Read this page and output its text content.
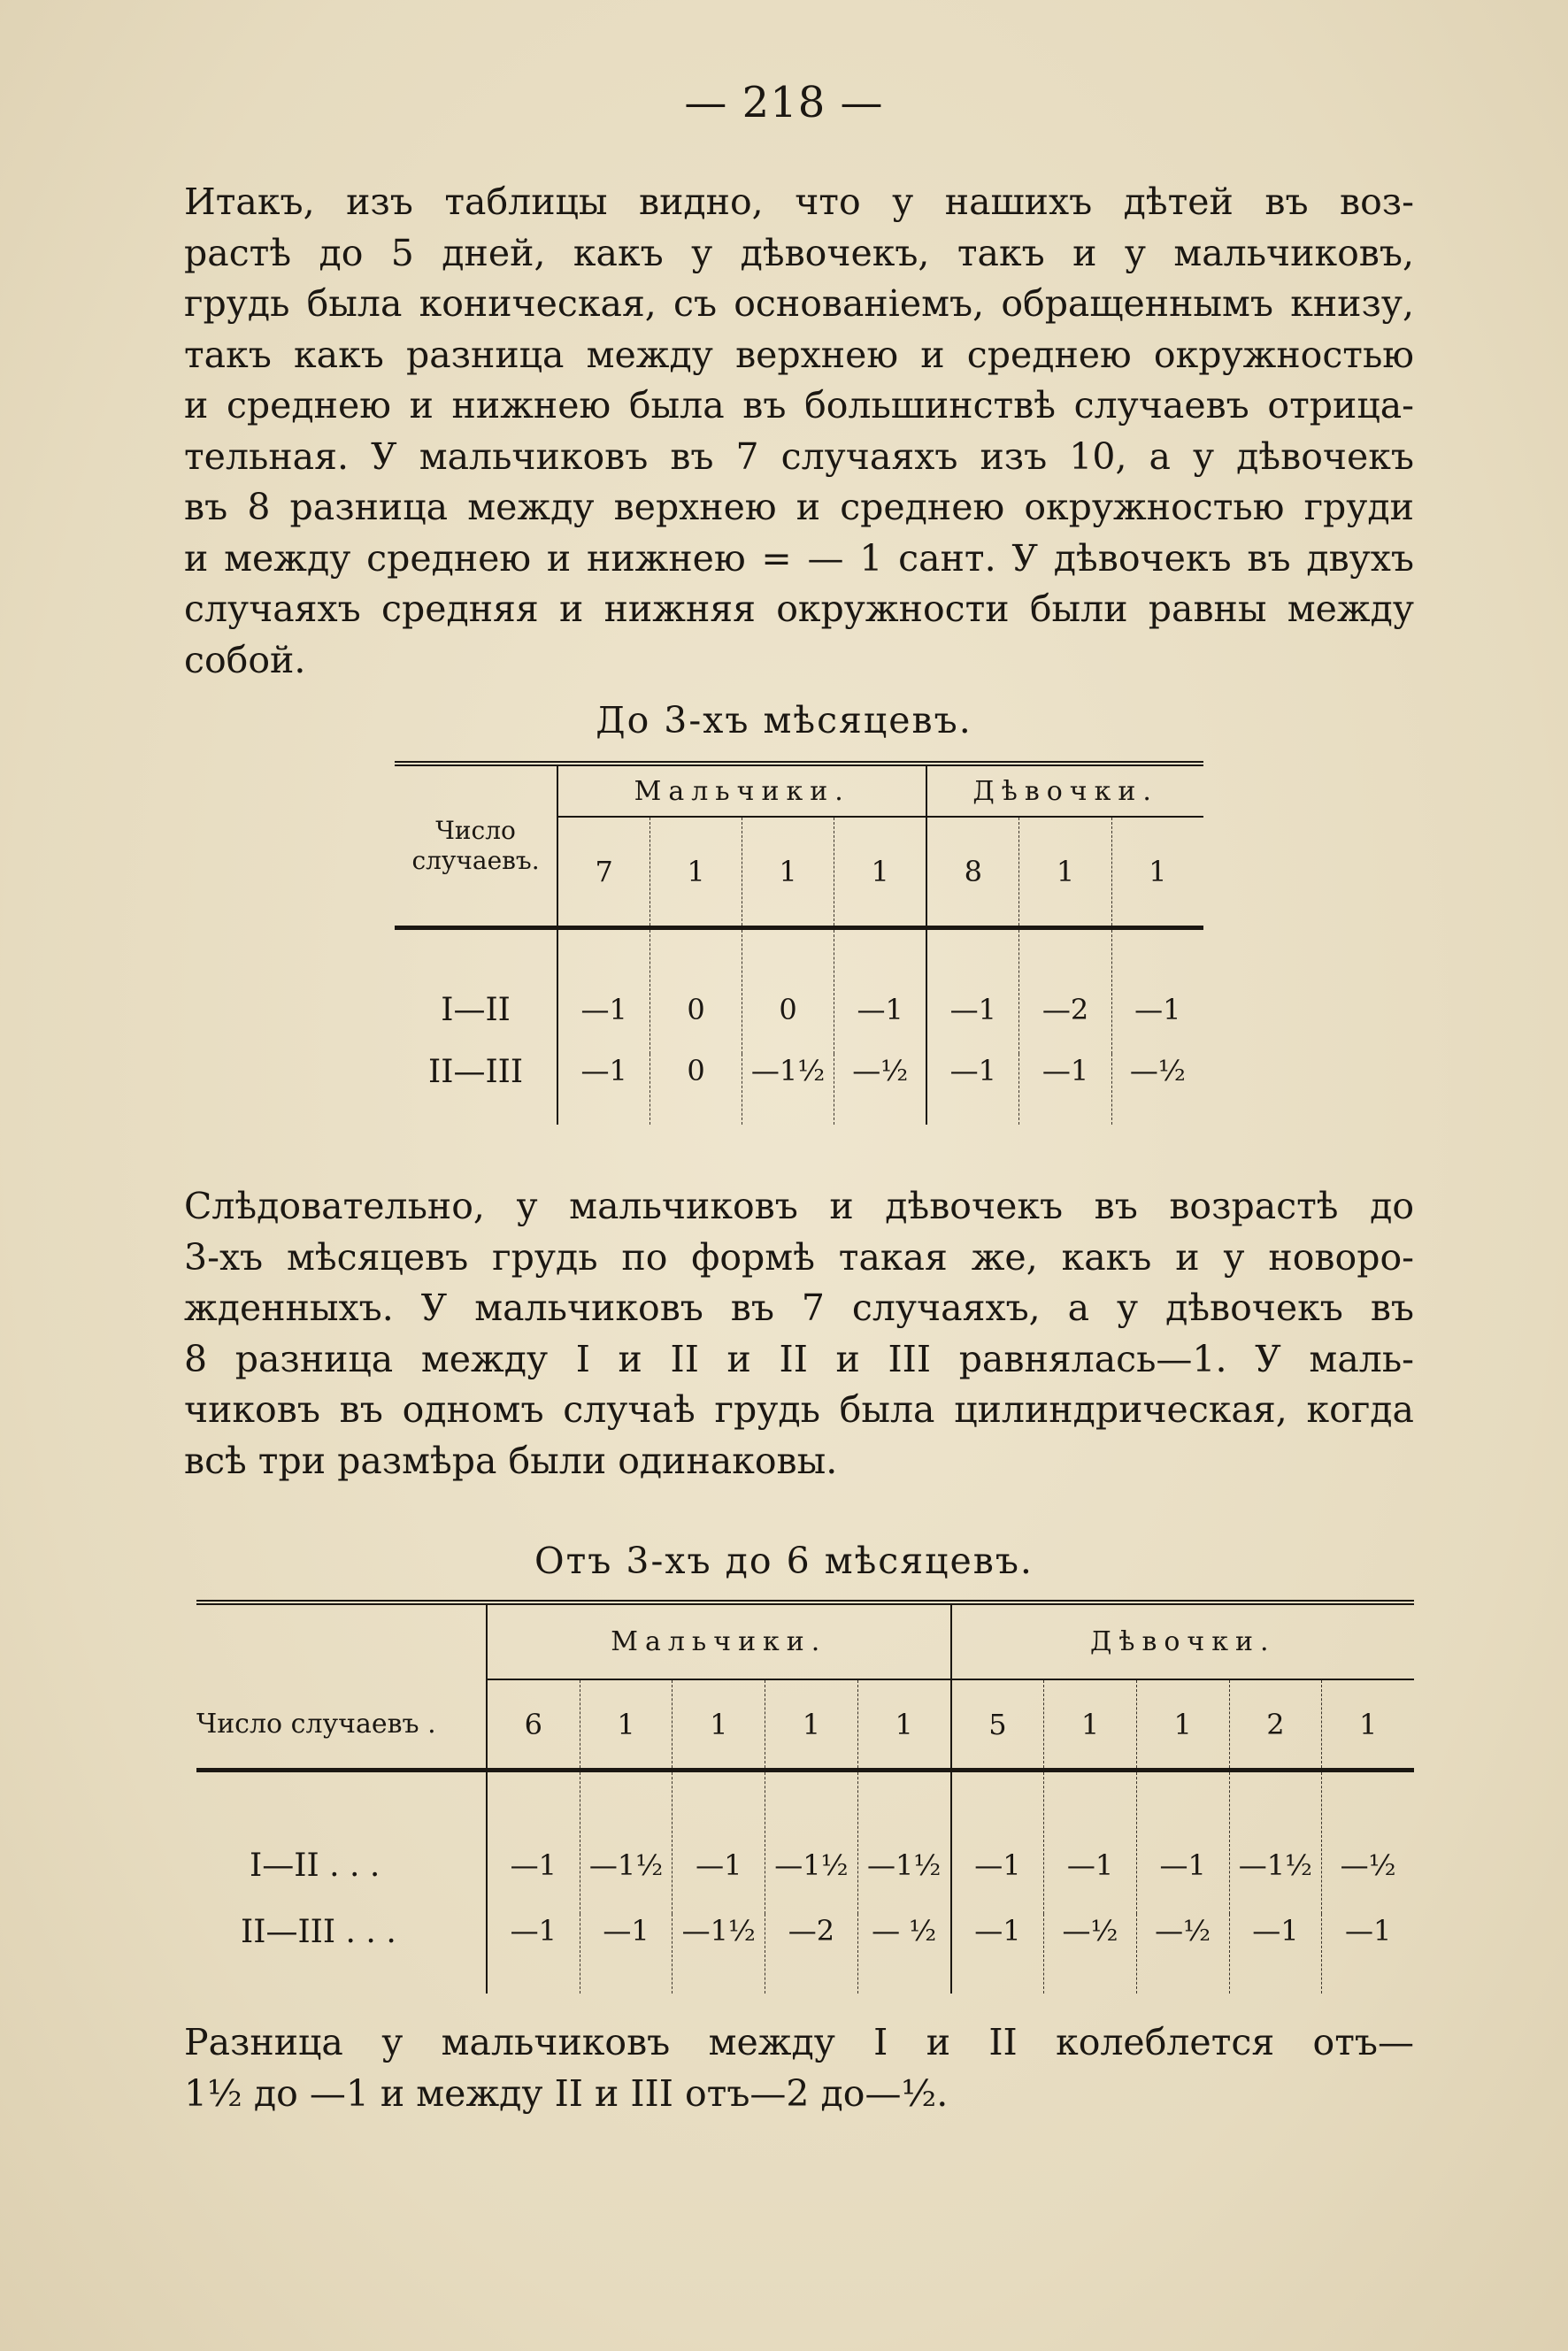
— 218 —
Итакъ, изъ таблицы видно, что у нашихъ дѣтей въ воз-
растѣ до 5 дней, какъ у дѣвочекъ, такъ и у мальчиковъ,
грудь была коническая, съ основаніемъ, обращеннымъ книзу,
такъ какъ разница между верхнею и среднею окружностью
и среднею и нижнею была въ большинствѣ случаевъ отрица-
тельная. У мальчиковъ въ 7 случаяхъ изъ 10, а у дѣвочекъ
въ 8 разница между верхнею и среднею окружностью груди
и между среднею и нижнею = — 1 сант. У дѣвочекъ въ двухъ
случаяхъ средняя и нижняя окружности были равны между
собой.
До 3-хъ мѣсяцевъ.
Число случаевъ.	Мальчики.				Дѣвочки.		
	7	1	1	1	8	1	1
I—II	—1	0	0	—1	—1	—2	—1
II—III	—1	0	—1½	—½	—1	—1	—½
Слѣдовательно, у мальчиковъ и дѣвочекъ въ возрастѣ до
3-хъ мѣсяцевъ грудь по формѣ такая же, какъ и у новоро-
жденныхъ. У мальчиковъ въ 7 случаяхъ, а у дѣвочекъ въ
8 разница между I и II и II и III равнялась—1. У маль-
чиковъ въ одномъ случаѣ грудь была цилиндрическая, когда
всѣ три размѣра были одинаковы.
Отъ 3-хъ до 6 мѣсяцевъ.
	Мальчики.					Дѣвочки.				
Число случаевъ .	6	1	1	1	1	5	1	1	2	1
I—II . . .	—1	—1½	—1	—1½	—1½	—1	—1	—1	—1½	—½
II—III . . .	—1	—1	—1½	—2	— ½	—1	—½	—½	—1	—1
Разница у мальчиковъ между I и II колеблется отъ—
1½ до —1 и между II и III отъ—2 до—½.
